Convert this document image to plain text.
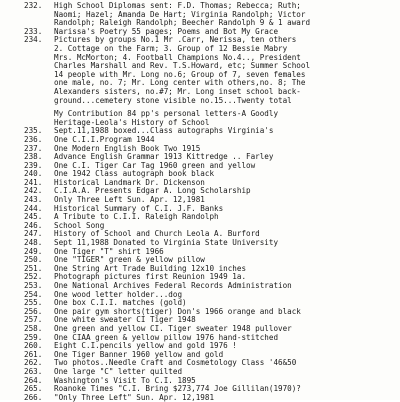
232.	High School Diplomas sent: F.D. Thomas; Rebecca; Ruth;
Naomi; Hazel; Amanda De Hart; Virginia Randolph; Victor
Randolph; Raleigh Randolph; Beecher Randolph 9 & 1 award
233.	Narissa's Poetry 55 pages; Poems and Bot My Grace
234.	Pictures by groups No.1 Mr .Carr, Nerissa, ten others
2. Cottage on the Farm; 3. Group of 12 Bessie Mabry
Mrs. McMorton; 4. Football Champions No.4.., President
Charles Marshall and Rev. T.S.Howard, etc; Summer School
14 people with Mr. Long no.6; Group of 7, seven females
one male, no. 7; Mr. Long center with others,no. 8; The
Alexanders sisters, no.#7; Mr. Long inset school back-
ground...cemetery stone visible no.15...Twenty total
My Contribution 84 pp's personal letters-A Goodly
Heritage-Leola's History of School
235.	Sept.11,1988 boxed...Class autographs Virginia's
236.	One C.I.I.Program 1944
237.	One Modern English Book Two 1915
238.	Advance English Grammar 1913 Kittredge .. Farley
239.	One C.I. Tiger Car Tag 1960 green and yellow
240.	One 1942 Class autograph book black
241.	Historical Landmark Dr. Dickenson
242.	C.I.A.A. Presents Edgar A. Long Scholarship
243.	Only Three Left Sun. Apr. 12,1981
244.	Historical Summary of C.I. J.F. Banks
245.	A Tribute to C.I.I. Raleigh Randolph
246.	School Song
247.	History of School and Church Leola A. Burford
248.	Sept 11,1988 Donated to Virginia State University
249.	One Tiger "T" shirt 1966
250.	One "TIGER" green & yellow pillow
251.	One String Art Trade Building 12x10 inches
252.	Photograph pictures first Reunion 1949 1a.
253.	One National Archives Federal Records Administration
254.	One wood letter holder...dog
255.	One box C.I.I. matches (gold)
256.	One pair gym shorts(tiger) Don's 1966 orange and black
257.	One white sweater CI Tiger 1948
258.	One green and yellow CI. Tiger sweater 1948 pullover
259.	One CIAA green & yellow pillow 1976 hand-stitched
260.	Eight C.I.pencils yellow and gold 1976 !
261.	One Tiger Banner 1960 yellow and gold
262.	Two photos..Needle Craft and Cosmetology Class '46&50
263.	One large "C" letter quilted
264.	Washington's Visit To C.I. 1895
265.	Roanoke Times "C.I. Bring $273,774 Joe Gillilan(1970)?
266.	"Only Three Left" Sun. Apr. 12,1981
